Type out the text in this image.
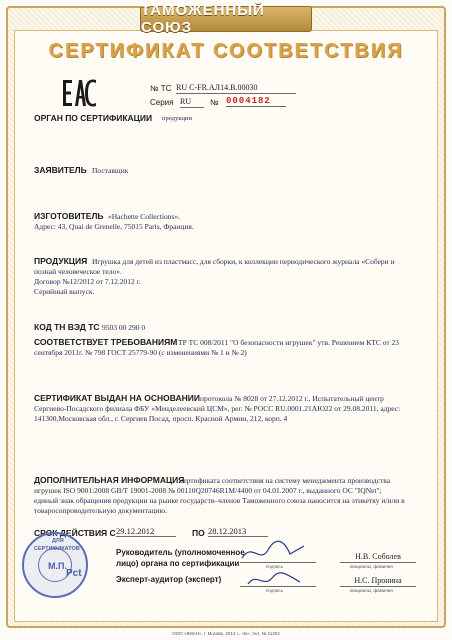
ТАМОЖЕННЫЙ СОЮЗ
СЕРТИФИКАТ СООТВЕТСТВИЯ
№ ТС RU C-FR.АЛ14.В.00030
Серия RU	№ 0004182
ОРГАН ПО СЕРТИФИКАЦИИ продукции
ЗАЯВИТЕЛЬ Поставщик
ИЗГОТОВИТЕЛЬ «Hachette Collections».
Адрес: 43, Quai de Grenelle, 75015 Paris, Франция.
ПРОДУКЦИЯ Игрушка для детей из пластмасс, для сборки, к коллекции периодического журнала «Собери и
познай человеческое тело».
Договор №12/2012 от 7.12.2012 г.
Серийный выпуск.
КОД ТН ВЭД ТС 9503 00 290 0
СООТВЕТСТВУЕТ ТРЕБОВАНИЯМ ТР ТС 008/2011 "О безопасности игрушек" утв. Решением КТС от 23
сентября 2011г. № 798 ГОСТ 25779-90 (с изменениями № 1 и № 2)
СЕРТИФИКАТ ВЫДАН НА ОСНОВАНИИ протокола № 8028 от 27.12.2012 г., Испытательный центр
Сергиево-Посадского филиала ФБУ «Менделеевский ЦСМ», рег. № РОСС RU.0001.21АЮ22 от 29.08.2011, адрес:
141300,Московская обл., г. Сергиев Посад, просп. Красной Армии, 212, корп. 4
ДОПОЛНИТЕЛЬНАЯ ИНФОРМАЦИЯ
сертификата соответствия на систему менеджмента производства
игрушек ISO 9001:2008 GB/T 19001-2008 № 00110Q20746R1M/4400 от 04.01.2007 г., выданного ОС "IQNet";
единый знак обращения продукции на рынке государств–членов Таможенного союза наносится на этикетку и/или в
товаросопроводительную документацию.
СРОК ДЕЙСТВИЯ С 29.12.2012	ПО 28.12.2013
ДЛЯ
СЕРТИФИКАТОВ
М.П.
Pct
Руководитель (уполномоченное
лицо) органа по сертификации	подпись
Н.В. Соболев
инициалы, фамилия
Эксперт-аудитор (эксперт)
подпись
Н.С. Пронина
инициалы, фамилия
ООО «ВИАН», г. Москва, 2012 г., «Б», тел. № 11402
